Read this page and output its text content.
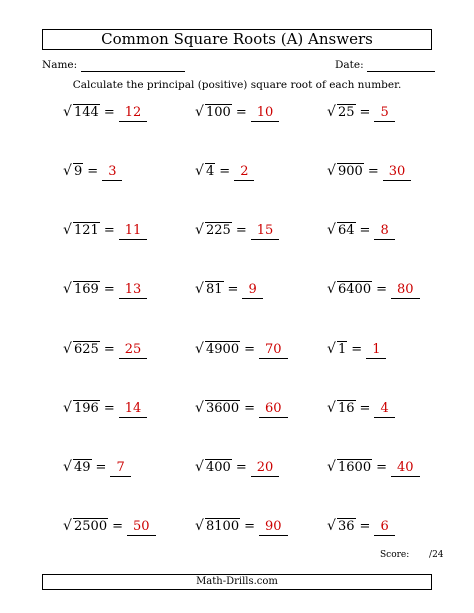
Common Square Roots (A) Answers
Name:	Date:
Calculate the principal (positive) square root of each number.
√ 144 = 12	√ 100 = 10	√ 25 = 5
√ 9 = 3	√ 4 = 2	√ 900 = 30
√ 121 = 11	√ 225 = 15	√ 64 = 8
√ 169 = 13	√ 81 = 9	√ 6400 = 80
√ 625 = 25	√ 4900 = 70	√ 1 = 1
√ 196 = 14	√ 3600 = 60	√ 16 = 4
√ 49 = 7	√ 400 = 20	√ 1600 = 40
√ 2500 = 50	√ 8100 = 90	√ 36 = 6
Score: /24
Math-Drills.com
